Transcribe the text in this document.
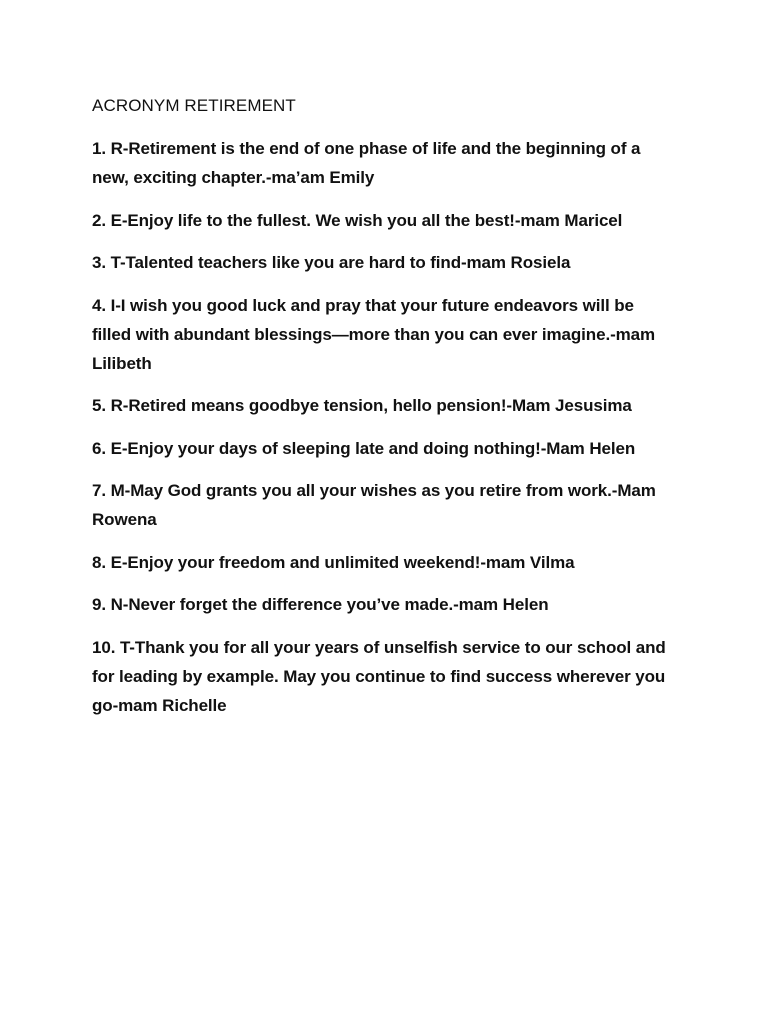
ACRONYM RETIREMENT
1. R-Retirement is the end of one phase of life and the beginning of a new, exciting chapter.-ma’am Emily
2. E-Enjoy life to the fullest. We wish you all the best!-mam Maricel
3. T-Talented teachers like you are hard to find-mam Rosiela
4. I-I wish you good luck and pray that your future endeavors will be filled with abundant blessings—more than you can ever imagine.-mam Lilibeth
5. R-Retired means goodbye tension, hello pension!-Mam Jesusima
6. E-Enjoy your days of sleeping late and doing nothing!-Mam Helen
7. M-May God grants you all your wishes as you retire from work.-Mam Rowena
8. E-Enjoy your freedom and unlimited weekend!-mam Vilma
9. N-Never forget the difference you’ve made.-mam Helen
10. T-Thank you for all your years of unselfish service to our school and for leading by example. May you continue to find success wherever you go-mam Richelle
